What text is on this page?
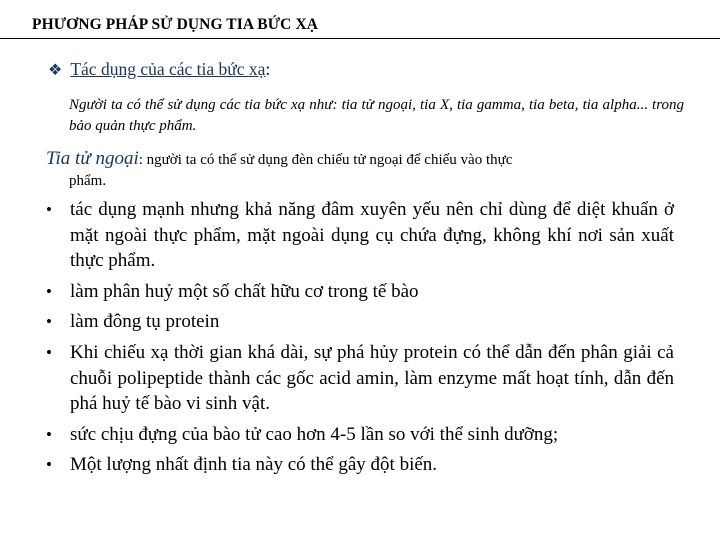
PHƯƠNG PHÁP SỬ DỤNG TIA BỨC XẠ
❖ Tác dụng của các tia bức xạ:
Người ta có thể sử dụng các tia bức xạ như: tia tử ngoại, tia X, tia gamma, tia beta, tia alpha... trong bảo quản thực phẩm.
Tia tử ngoại: người ta có thể sử dụng đèn chiếu tử ngoại để chiếu vào thực
phẩm.
• tác dụng mạnh nhưng khả năng đâm xuyên yếu nên chỉ dùng để diệt khuẩn ở mặt ngoài thực phẩm, mặt ngoài dụng cụ chứa đựng, không khí nơi sản xuất thực phẩm.
• làm phân huỷ một số chất hữu cơ trong tế bào
• làm đông tụ protein
• Khi chiếu xạ thời gian khá dài, sự phá hủy protein có thể dẫn đến phân giải cả chuỗi polipeptide thành các gốc acid amin, làm enzyme mất hoạt tính, dẫn đến phá huỷ tế bào vi sinh vật.
• sức chịu đựng của bào tử cao hơn 4-5 lần so với thể sinh dưỡng;
• Một lượng nhất định tia này có thể gây đột biến.
